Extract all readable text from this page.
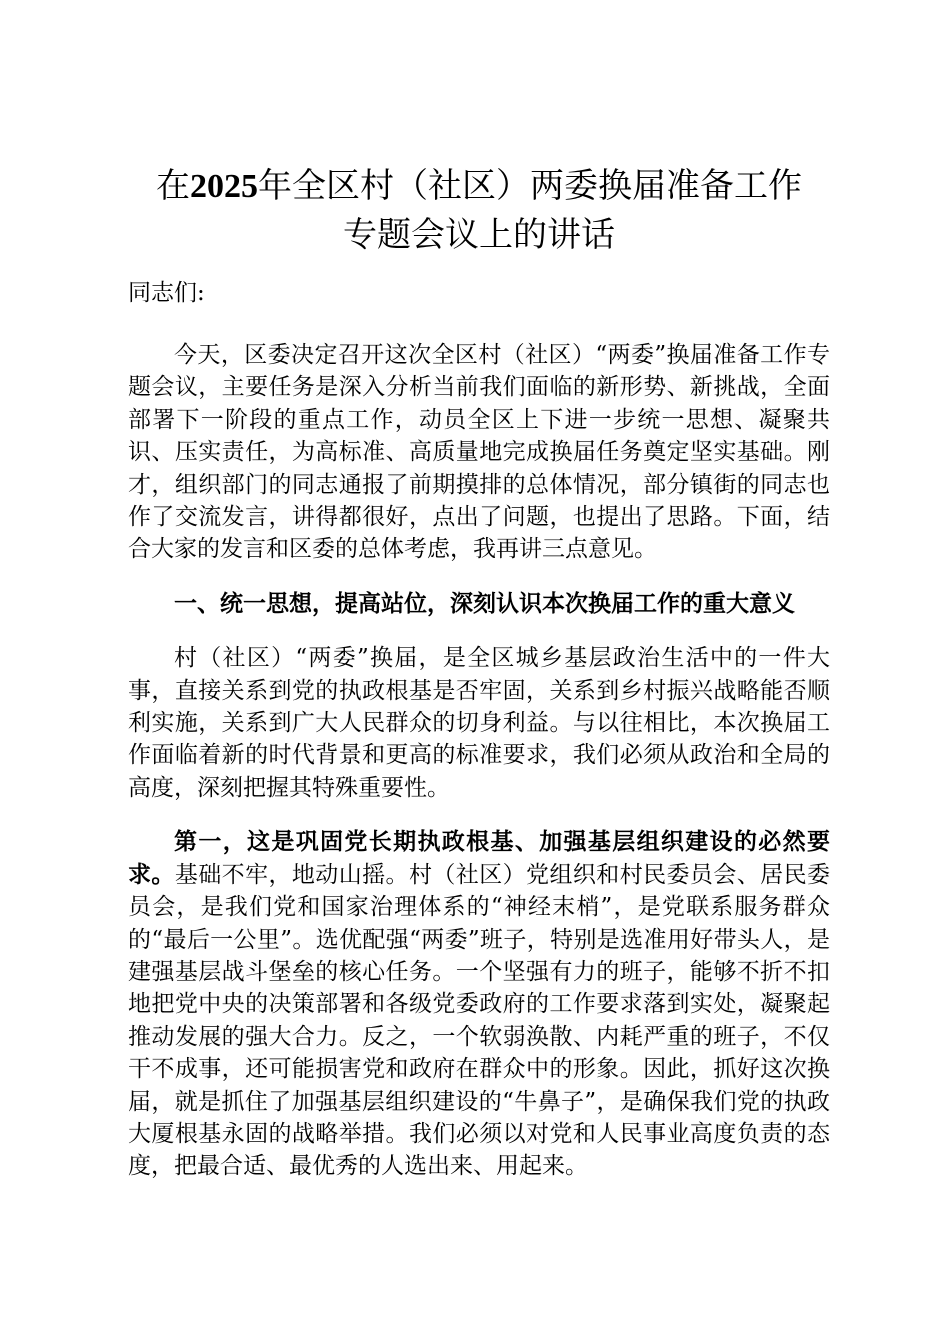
在2025年全区村（社区）两委换届准备工作
专题会议上的讲话
同志们:

今天，区委决定召开这次全区村（社区）“两委”换届准备工作专题会议，主要任务是深入分析当前我们面临的新形势、新挑战，全面部署下一阶段的重点工作，动员全区上下进一步统一思想、凝聚共识、压实责任，为高标准、高质量地完成换届任务奠定坚实基础。刚才，组织部门的同志通报了前期摸排的总体情况，部分镇街的同志也作了交流发言，讲得都很好，点出了问题，也提出了思路。下面，结合大家的发言和区委的总体考虑，我再讲三点意见。

一、统一思想，提高站位，深刻认识本次换届工作的重大意义

村（社区）“两委”换届，是全区城乡基层政治生活中的一件大事，直接关系到党的执政根基是否牢固，关系到乡村振兴战略能否顺利实施，关系到广大人民群众的切身利益。与以往相比，本次换届工作面临着新的时代背景和更高的标准要求，我们必须从政治和全局的高度，深刻把握其特殊重要性。

第一，这是巩固党长期执政根基、加强基层组织建设的必然要求。基础不牢，地动山摇。村（社区）党组织和村民委员会、居民委员会，是我们党和国家治理体系的“神经末梢”，是党联系服务群众的“最后一公里”。选优配强“两委”班子，特别是选准用好带头人，是建强基层战斗堡垒的核心任务。一个坚强有力的班子，能够不折不扣地把党中央的决策部署和各级党委政府的工作要求落到实处，凝聚起推动发展的强大合力。反之，一个软弱涣散、内耗严重的班子，不仅干不成事，还可能损害党和政府在群众中的形象。因此，抓好这次换届，就是抓住了加强基层组织建设的“牛鼻子”，是确保我们党的执政大厦根基永固的战略举措。我们必须以对党和人民事业高度负责的态度，把最合适、最优秀的人选出来、用起来。
